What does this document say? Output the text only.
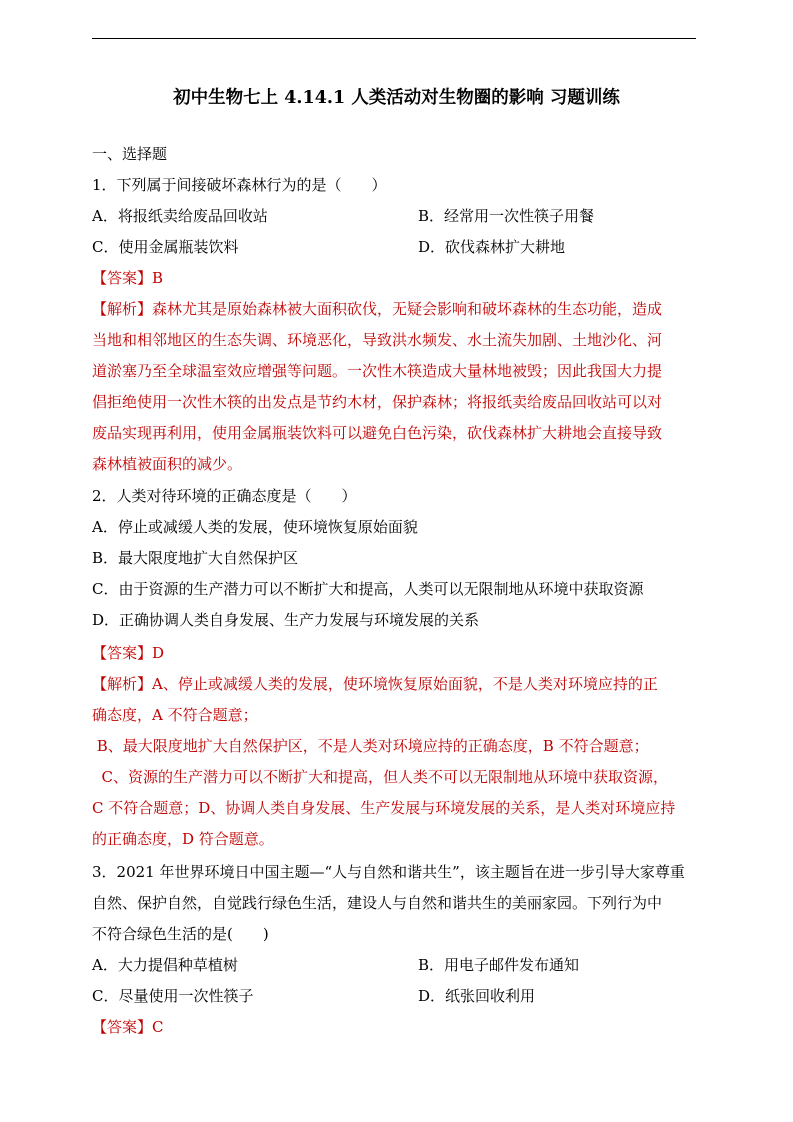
初中生物七上 4.14.1 人类活动对生物圈的影响 习题训练
一、选择题
1．下列属于间接破坏森林行为的是（　　）
A．将报纸卖给废品回收站	B．经常用一次性筷子用餐
C．使用金属瓶装饮料	D．砍伐森林扩大耕地
【答案】B
【解析】森林尤其是原始森林被大面积砍伐，无疑会影响和破坏森林的生态功能，造成
当地和相邻地区的生态失调、环境恶化，导致洪水频发、水土流失加剧、土地沙化、河
道淤塞乃至全球温室效应增强等问题。一次性木筷造成大量林地被毁；因此我国大力提
倡拒绝使用一次性木筷的出发点是节约木材，保护森林；将报纸卖给废品回收站可以对
废品实现再利用，使用金属瓶装饮料可以避免白色污染，砍伐森林扩大耕地会直接导致
森林植被面积的减少。
2．人类对待环境的正确态度是（　　）
A．停止或减缓人类的发展，使环境恢复原始面貌
B．最大限度地扩大自然保护区
C．由于资源的生产潜力可以不断扩大和提高，人类可以无限制地从环境中获取资源
D．正确协调人类自身发展、生产力发展与环境发展的关系
【答案】D
【解析】A、停止或减缓人类的发展，使环境恢复原始面貌，不是人类对环境应持的正
确态度，A 不符合题意；
B、最大限度地扩大自然保护区，不是人类对环境应持的正确态度，B 不符合题意；
C、资源的生产潜力可以不断扩大和提高，但人类不可以无限制地从环境中获取资源，
C 不符合题意；D、协调人类自身发展、生产发展与环境发展的关系，是人类对环境应持
的正确态度，D 符合题意。
3．2021 年世界环境日中国主题—“人与自然和谐共生”，该主题旨在进一步引导大家尊重
自然、保护自然，自觉践行绿色生活，建设人与自然和谐共生的美丽家园。下列行为中
不符合绿色生活的是(　　)
A．大力提倡种草植树	B．用电子邮件发布通知
C．尽量使用一次性筷子	D．纸张回收利用
【答案】C
